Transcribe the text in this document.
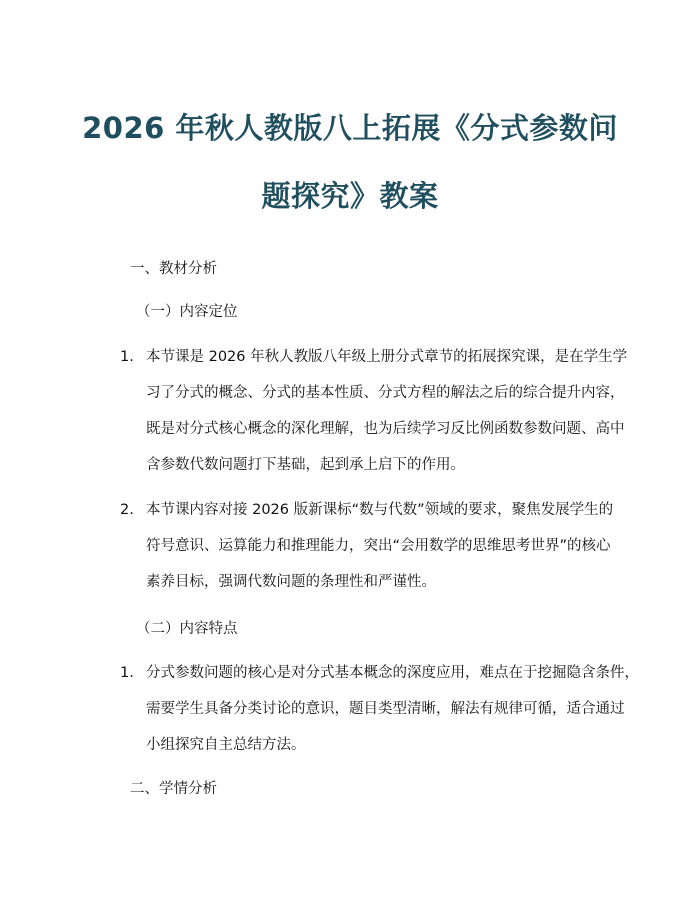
2026 年秋人教版八上拓展《分式参数问
题探究》教案
一、教材分析
（一）内容定位
1. 本节课是 2026 年秋人教版八年级上册分式章节的拓展探究课，是在学生学
习了分式的概念、分式的基本性质、分式方程的解法之后的综合提升内容，
既是对分式核心概念的深化理解，也为后续学习反比例函数参数问题、高中
含参数代数问题打下基础，起到承上启下的作用。
2. 本节课内容对接 2026 版新课标“数与代数”领域的要求，聚焦发展学生的
符号意识、运算能力和推理能力，突出“会用数学的思维思考世界”的核心
素养目标，强调代数问题的条理性和严谨性。
（二）内容特点
1. 分式参数问题的核心是对分式基本概念的深度应用，难点在于挖掘隐含条件，
需要学生具备分类讨论的意识，题目类型清晰，解法有规律可循，适合通过
小组探究自主总结方法。
二、学情分析
